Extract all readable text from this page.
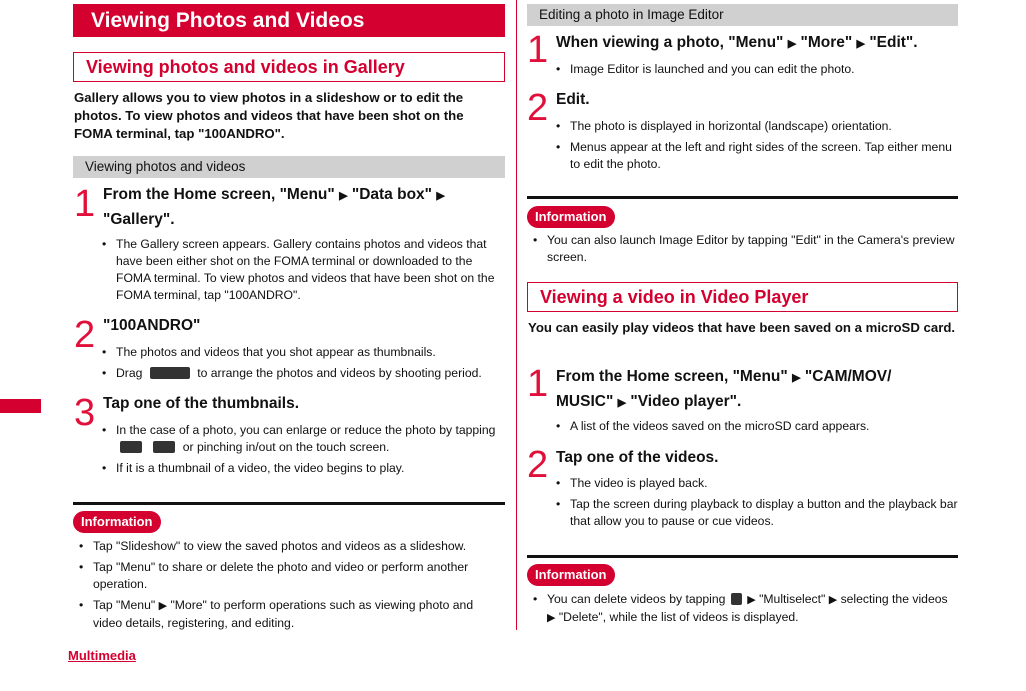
Viewing Photos and Videos
Viewing photos and videos in Gallery
Gallery allows you to view photos in a slideshow or to edit the photos. To view photos and videos that have been shot on the FOMA terminal, tap "100ANDRO".
Viewing photos and videos
1 From the Home screen, "Menu" ▶ "Data box" ▶
"Gallery".
• The Gallery screen appears. Gallery contains photos and videos that have been either shot on the FOMA terminal or downloaded to the FOMA terminal. To view photos and videos that have been shot on the FOMA terminal, tap "100ANDRO".
2 "100ANDRO"
• The photos and videos that you shot appear as thumbnails.
• Drag	to arrange the photos and videos by shooting period.
3 Tap one of the thumbnails.
• In the case of a photo, you can enlarge or reduce the photo by tapping   or pinching in/out on the touch screen.
• If it is a thumbnail of a video, the video begins to play.
Information
• Tap "Slideshow" to view the saved photos and videos as a slideshow.
• Tap "Menu" to share or delete the photo and video or perform another operation.
• Tap "Menu" ▶ "More" to perform operations such as viewing photo and video details, registering, and editing.
Editing a photo in Image Editor
1 When viewing a photo, "Menu" ▶ "More" ▶ "Edit".
• Image Editor is launched and you can edit the photo.
2 Edit.
• The photo is displayed in horizontal (landscape) orientation.
• Menus appear at the left and right sides of the screen. Tap either menu to edit the photo.
Information
• You can also launch Image Editor by tapping "Edit" in the Camera's preview screen.
Viewing a video in Video Player
You can easily play videos that have been saved on a microSD card.
1 From the Home screen, "Menu" ▶ "CAM/MOV/
MUSIC" ▶ "Video player".
• A list of the videos saved on the microSD card appears.
2 Tap one of the videos.
• The video is played back.
• Tap the screen during playback to display a button and the playback bar that allow you to pause or cue videos.
Information
• You can delete videos by tapping ▶ "Multiselect" ▶ selecting the videos ▶ "Delete", while the list of videos is displayed.
Multimedia
